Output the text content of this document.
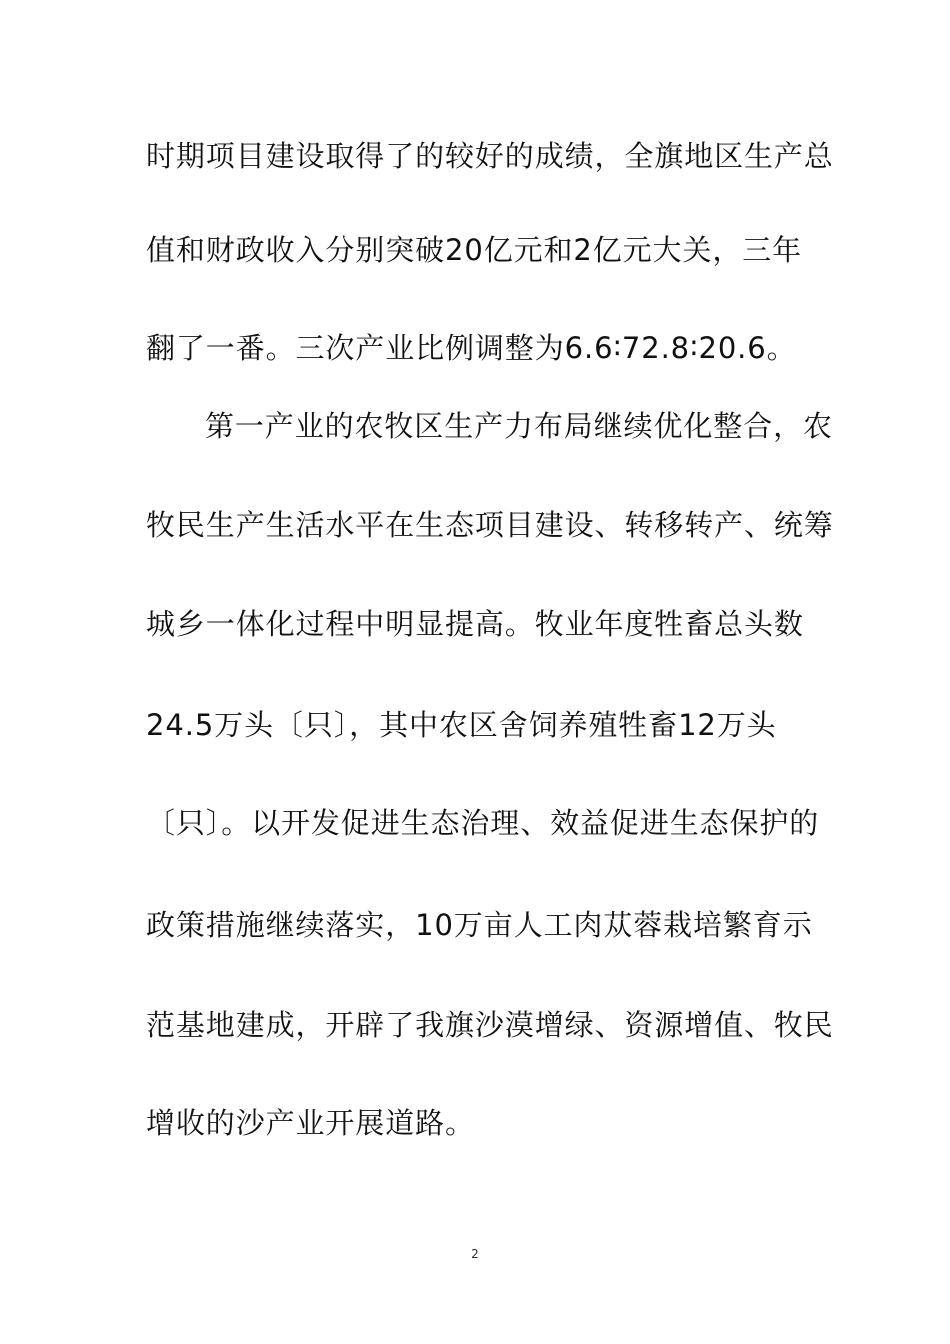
时期项目建设取得了的较好的成绩，全旗地区生产总
值和财政收入分别突破20亿元和2亿元大关，三年
翻了一番。三次产业比例调整为6.6∶72.8∶20.6。
第一产业的农牧区生产力布局继续优化整合，农
牧民生产生活水平在生态项目建设、转移转产、统筹
城乡一体化过程中明显提高。牧业年度牲畜总头数
24.5万头〔只〕，其中农区舍饲养殖牲畜12万头
〔只〕。以开发促进生态治理、效益促进生态保护的
政策措施继续落实，10万亩人工肉苁蓉栽培繁育示
范基地建成，开辟了我旗沙漠增绿、资源增值、牧民
增收的沙产业开展道路。
2
